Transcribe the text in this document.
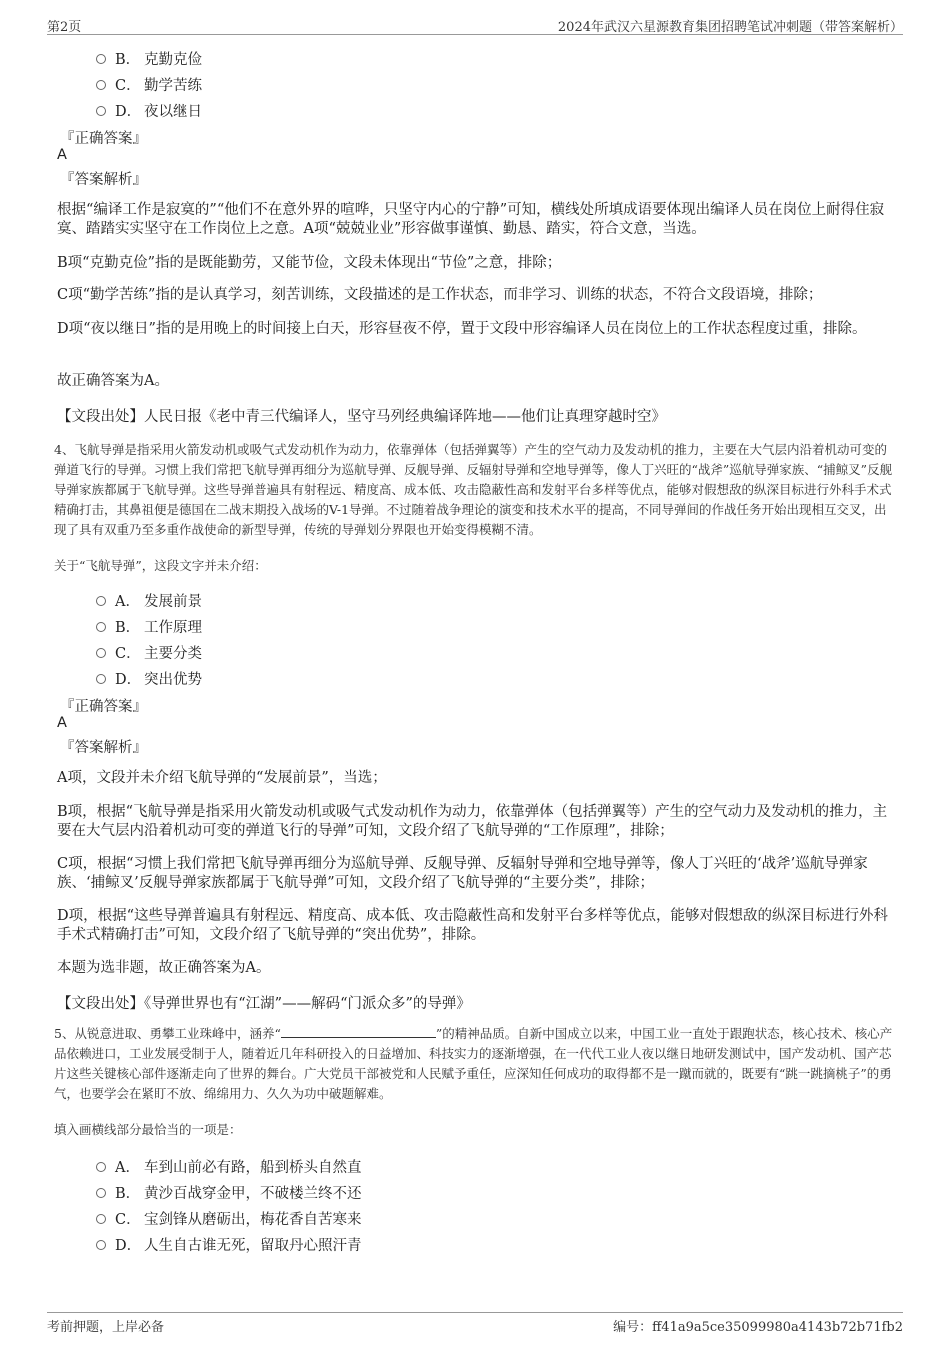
第2页	2024年武汉六星源教育集团招聘笔试冲刺题（带答案解析）
B． 克勤克俭
C． 勤学苦练
D． 夜以继日
『正确答案』
A
『答案解析』
根据“编译工作是寂寞的”“他们不在意外界的喧哗，只坚守内心的宁静”可知，横线处所填成语要体现出编译人员在岗位上耐得住寂寞、踏踏实实坚守在工作岗位上之意。A项“兢兢业业”形容做事谨慎、勤恳、踏实，符合文意，当选。
B项“克勤克俭”指的是既能勤劳，又能节俭，文段未体现出“节俭”之意，排除；
C项“勤学苦练”指的是认真学习，刻苦训练，文段描述的是工作状态，而非学习、训练的状态，不符合文段语境，排除；
D项“夜以继日”指的是用晚上的时间接上白天，形容昼夜不停，置于文段中形容编译人员在岗位上的工作状态程度过重，排除。
故正确答案为A。
【文段出处】人民日报《老中青三代编译人，坚守马列经典编译阵地——他们让真理穿越时空》
4、飞航导弹是指采用火箭发动机或吸气式发动机作为动力，依靠弹体（包括弹翼等）产生的空气动力及发动机的推力，主要在大气层内沿着机动可变的弹道飞行的导弹。习惯上我们常把飞航导弹再细分为巡航导弹、反舰导弹、反辐射导弹和空地导弹等，像人丁兴旺的“战斧”巡航导弹家族、“捕鲸叉”反舰导弹家族都属于飞航导弹。这些导弹普遍具有射程远、精度高、成本低、攻击隐蔽性高和发射平台多样等优点，能够对假想敌的纵深目标进行外科手术式精确打击，其鼻祖便是德国在二战末期投入战场的V-1导弹。不过随着战争理论的演变和技术水平的提高，不同导弹间的作战任务开始出现相互交叉，出现了具有双重乃至多重作战使命的新型导弹，传统的导弹划分界限也开始变得模糊不清。
关于“飞航导弹”，这段文字并未介绍：
A． 发展前景
B． 工作原理
C． 主要分类
D． 突出优势
『正确答案』
A
『答案解析』
A项，文段并未介绍飞航导弹的“发展前景”，当选；
B项，根据“飞航导弹是指采用火箭发动机或吸气式发动机作为动力，依靠弹体（包括弹翼等）产生的空气动力及发动机的推力，主要在大气层内沿着机动可变的弹道飞行的导弹”可知，文段介绍了飞航导弹的“工作原理”，排除；
C项，根据“习惯上我们常把飞航导弹再细分为巡航导弹、反舰导弹、反辐射导弹和空地导弹等，像人丁兴旺的‘战斧’巡航导弹家族、‘捕鲸叉’反舰导弹家族都属于飞航导弹”可知，文段介绍了飞航导弹的“主要分类”，排除；
D项，根据“这些导弹普遍具有射程远、精度高、成本低、攻击隐蔽性高和发射平台多样等优点，能够对假想敌的纵深目标进行外科手术式精确打击”可知，文段介绍了飞航导弹的“突出优势”，排除。
本题为选非题，故正确答案为A。
【文段出处】《导弹世界也有“江湖”——解码“门派众多”的导弹》
5、从锐意进取、勇攀工业珠峰中，涵养“	”的精神品质。自新中国成立以来，中国工业一直处于跟跑状态，核心技术、核心产品依赖进口，工业发展受制于人，随着近几年科研投入的日益增加、科技实力的逐渐增强，在一代代工业人夜以继日地研发测试中，国产发动机、国产芯片这些关键核心部件逐渐走向了世界的舞台。广大党员干部被党和人民赋予重任，应深知任何成功的取得都不是一蹴而就的，既要有“跳一跳摘桃子”的勇气，也要学会在紧盯不放、绵绵用力、久久为功中破题解难。
填入画横线部分最恰当的一项是：
A． 车到山前必有路，船到桥头自然直
B． 黄沙百战穿金甲，不破楼兰终不还
C． 宝剑锋从磨砺出，梅花香自苦寒来
D． 人生自古谁无死，留取丹心照汗青
考前押题，上岸必备	编号：ff41a9a5ce35099980a4143b72b71fb2
